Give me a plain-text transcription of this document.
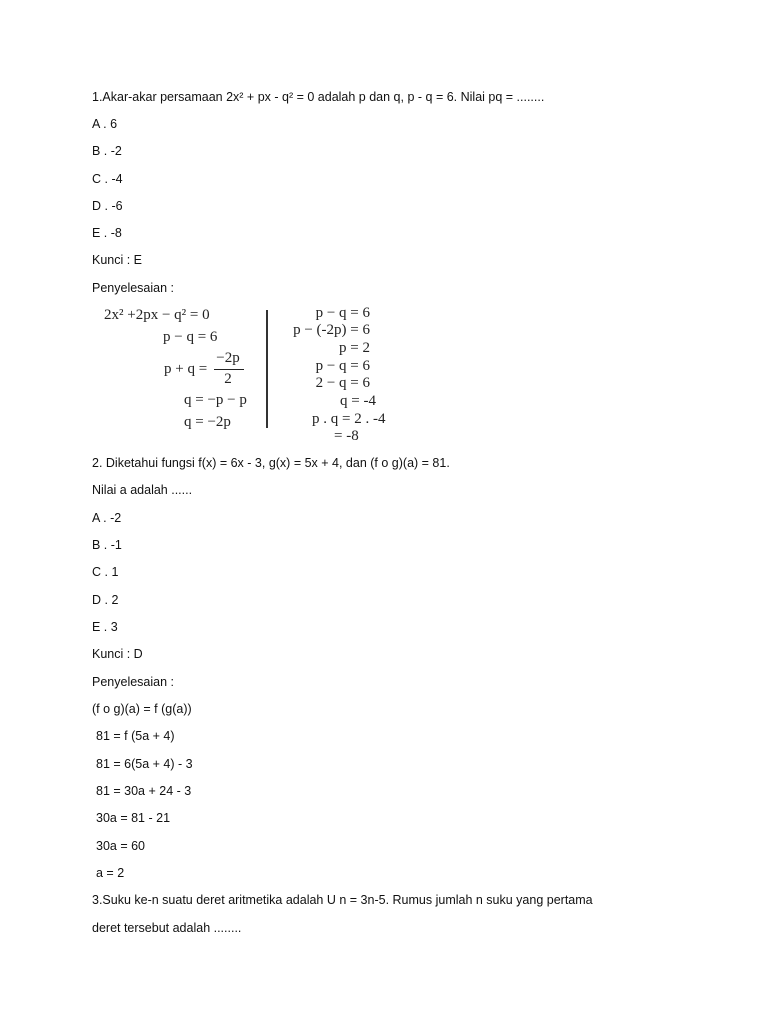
1.Akar-akar persamaan 2x² + px - q² = 0 adalah p dan q, p - q = 6. Nilai pq = ........
A . 6
B . -2
C . -4
D . -6
E . -8
Kunci : E
Penyelesaian :
2x² +2px − q² = 0
p − q = 6
p + q =
−2p
2
q = −p − p
q = −2p
p − q = 6
p − (-2p) = 6
p = 2
p − q = 6
2 − q = 6
q = -4
p . q = 2 . -4
= -8
2. Diketahui fungsi f(x) = 6x - 3, g(x) = 5x + 4, dan (f o g)(a) = 81.
Nilai a adalah ......
A . -2
B . -1
C . 1
D . 2
E . 3
Kunci : D
Penyelesaian :
(f o g)(a) = f (g(a))
81 = f (5a + 4)
81 = 6(5a + 4) - 3
81 = 30a + 24 - 3
30a = 81 - 21
30a = 60
a = 2
3.Suku ke-n suatu deret aritmetika adalah U n = 3n-5. Rumus jumlah n suku yang pertama
deret tersebut adalah ........
